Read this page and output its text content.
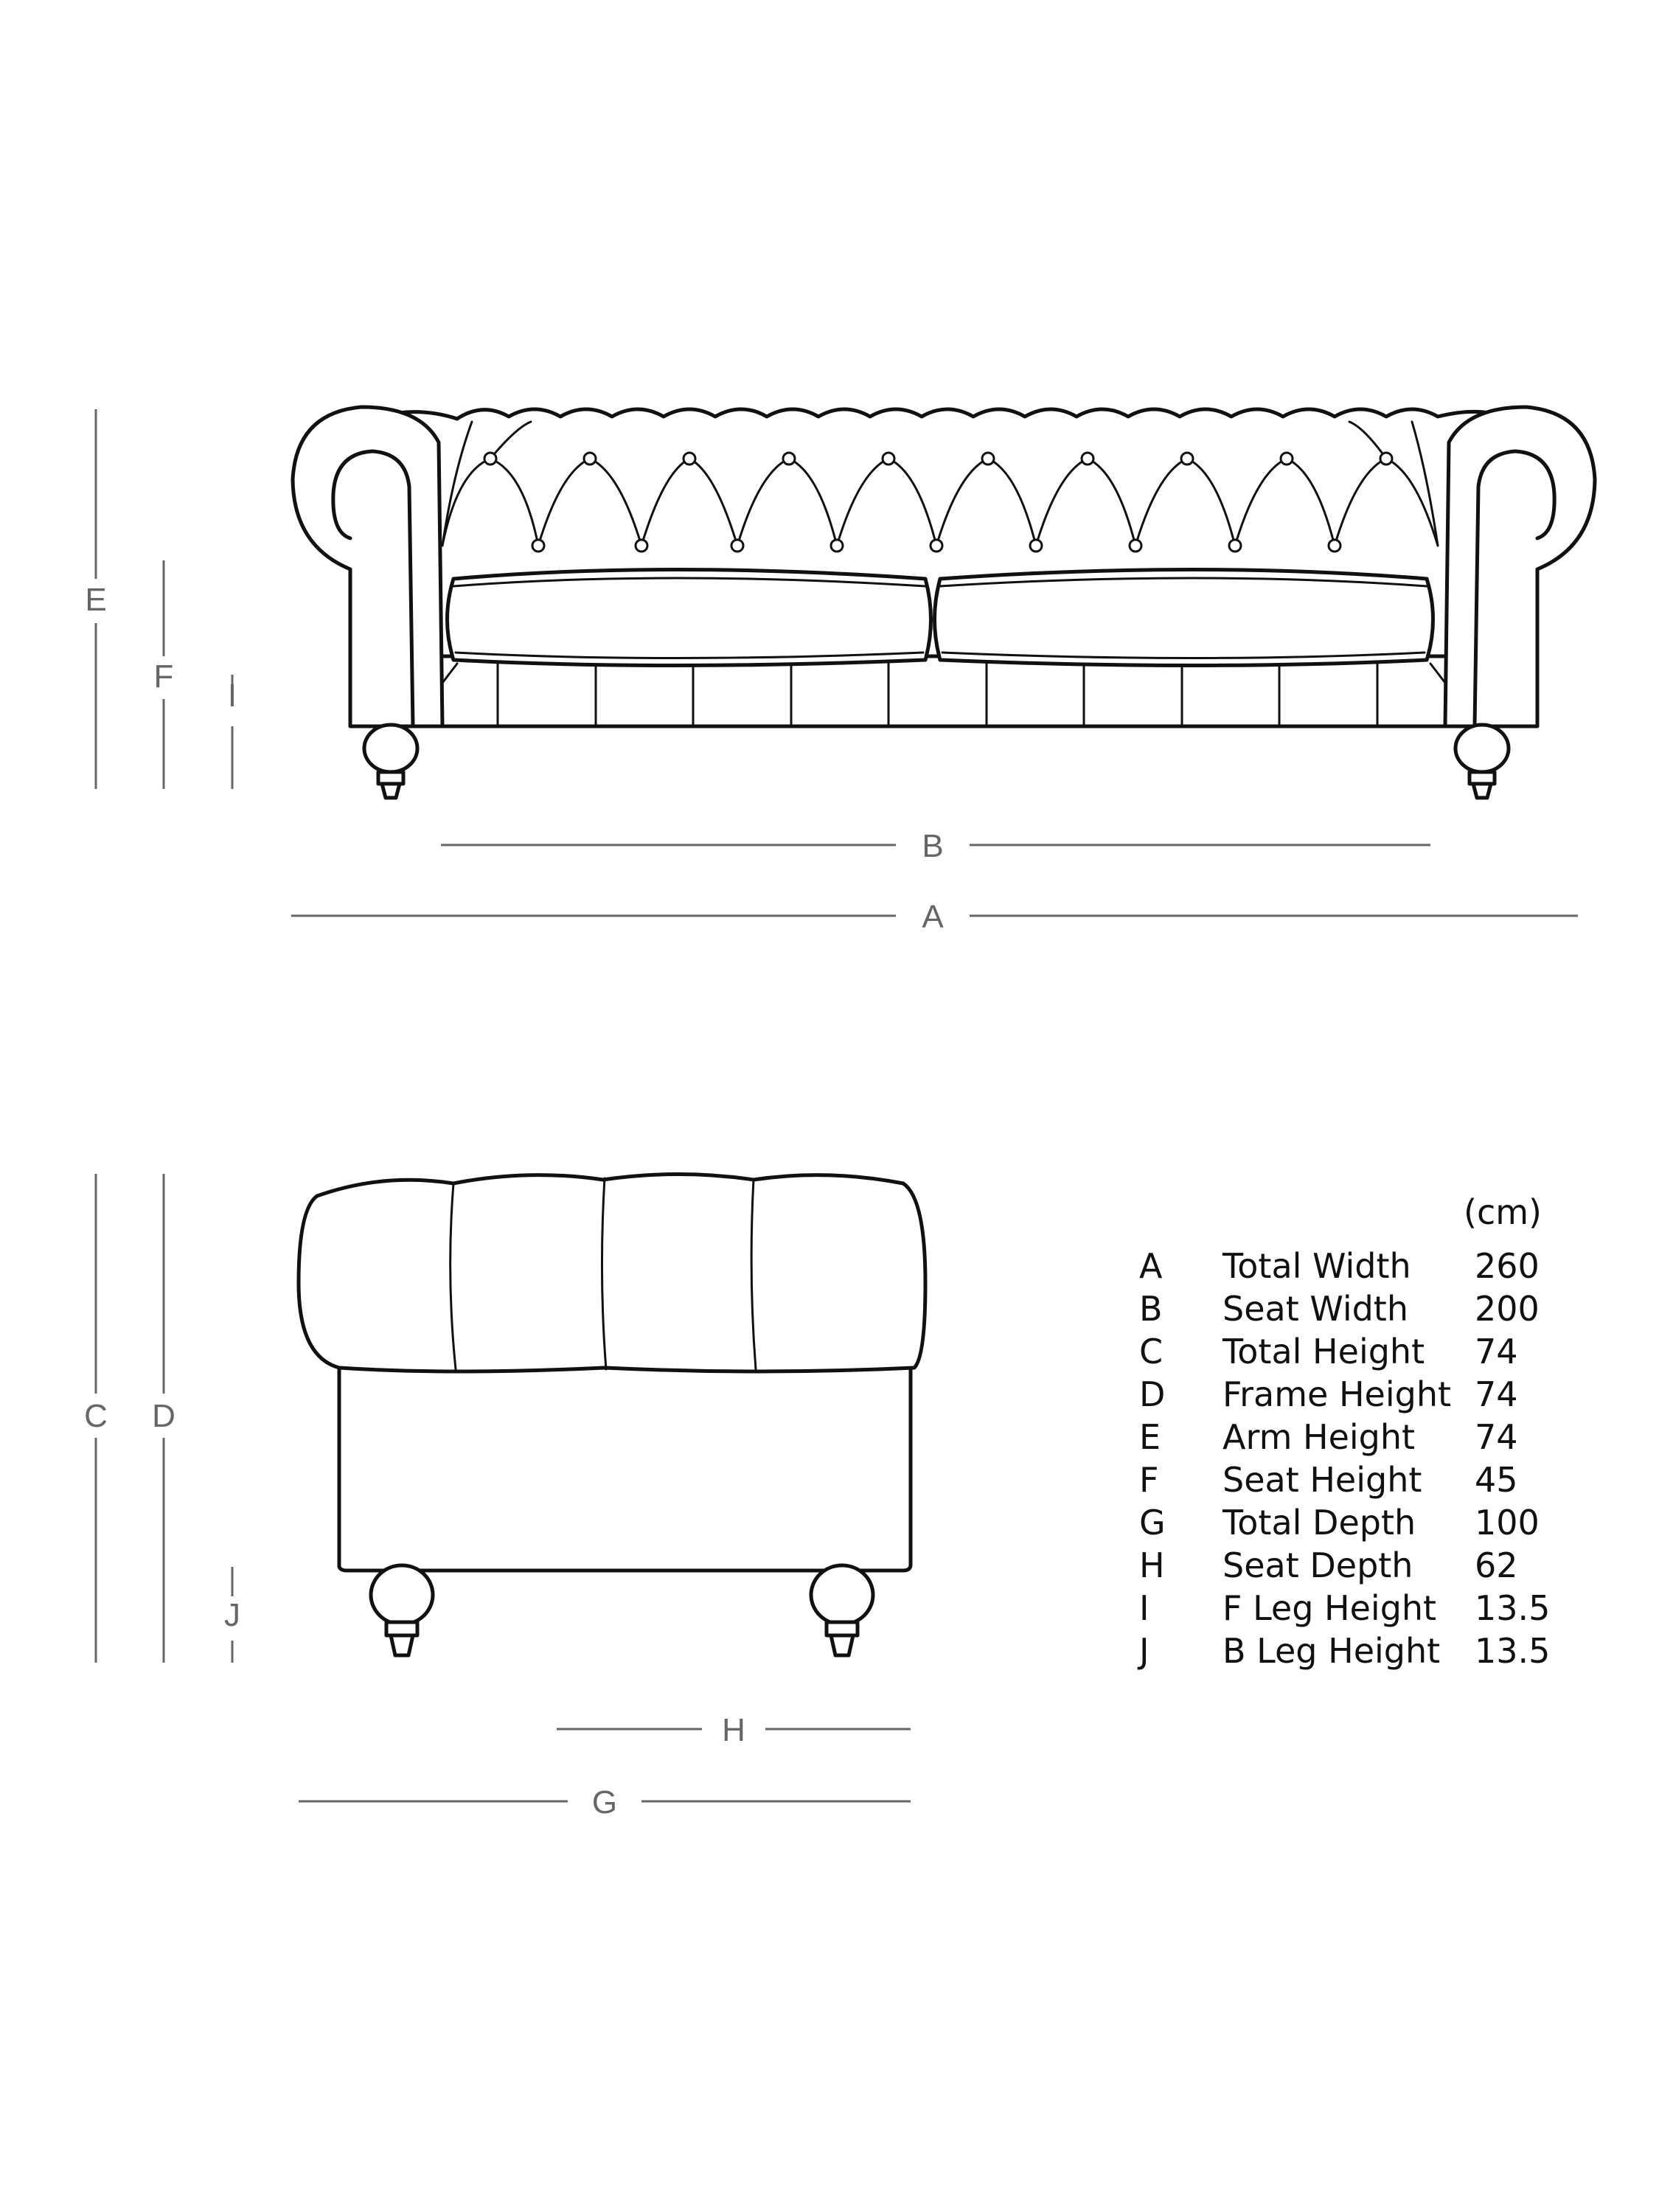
E
F
I
B
A
C D
J
H
G
(cm)
A Total Width 260
B Seat Width 200
C Total Height 74
D Frame Height 74
E Arm Height 74
F Seat Height 45
G Total Depth 100
H Seat Depth 62
I F Leg Height 13.5
J B Leg Height 13.5
